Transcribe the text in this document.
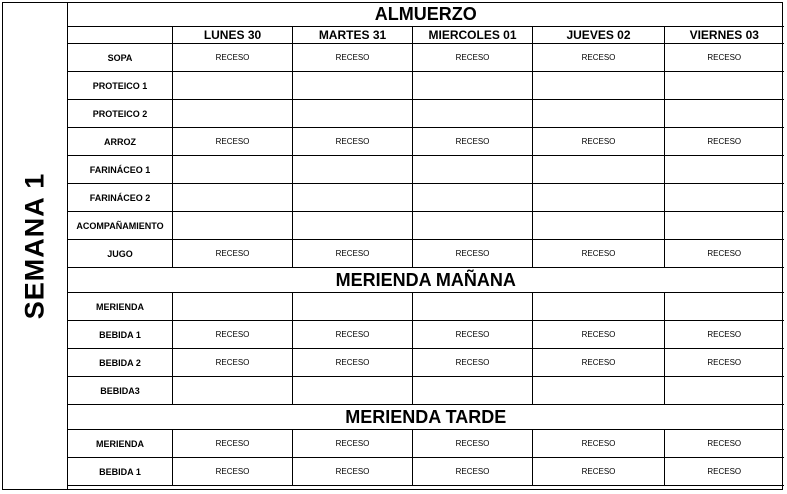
SEMANA 1
ALMUERZO					
	LUNES 30	MARTES 31	MIERCOLES 01	JUEVES 02	VIERNES 03
SOPA	RECESO	RECESO	RECESO	RECESO	RECESO
PROTEICO 1					
PROTEICO 2					
ARROZ	RECESO	RECESO	RECESO	RECESO	RECESO
FARINÁCEO 1					
FARINÁCEO 2					
ACOMPAÑAMIENTO					
JUGO	RECESO	RECESO	RECESO	RECESO	RECESO
MERIENDA MAÑANA					
MERIENDA					
BEBIDA 1	RECESO	RECESO	RECESO	RECESO	RECESO
BEBIDA 2	RECESO	RECESO	RECESO	RECESO	RECESO
BEBIDA3					
MERIENDA TARDE					
MERIENDA	RECESO	RECESO	RECESO	RECESO	RECESO
BEBIDA 1	RECESO	RECESO	RECESO	RECESO	RECESO
